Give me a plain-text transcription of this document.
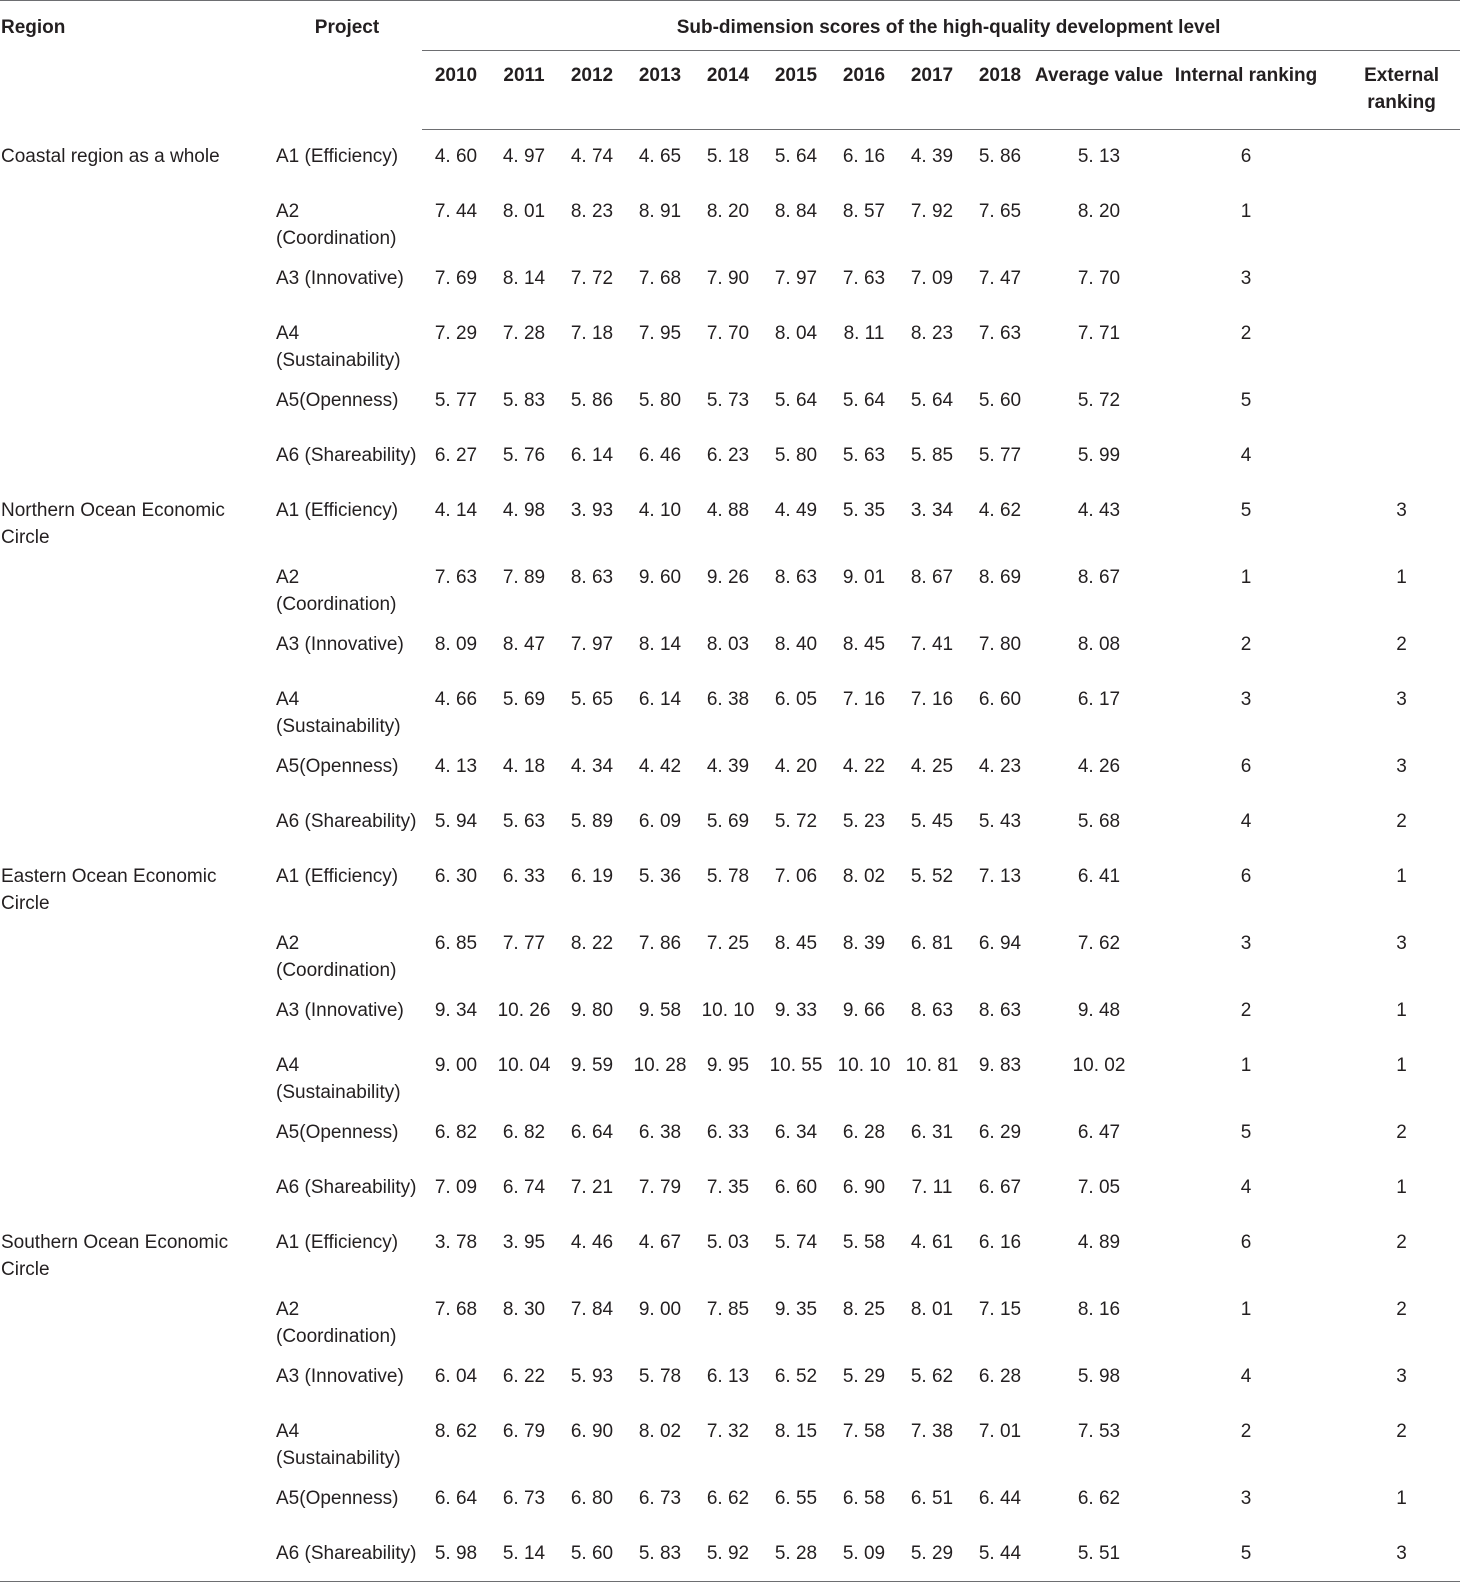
Region	Project	Sub-dimension scores of the high-quality development level											
		2010	2011	2012	2013	2014	2015	2016	2017	2018	Average value	Internal ranking	External ranking
Coastal region as a whole	A1 (Efficiency)	4. 60	4. 97	4. 74	4. 65	5. 18	5. 64	6. 16	4. 39	5. 86	5. 13	6	
	A2 (Coordination)	7. 44	8. 01	8. 23	8. 91	8. 20	8. 84	8. 57	7. 92	7. 65	8. 20	1	
	A3 (Innovative)	7. 69	8. 14	7. 72	7. 68	7. 90	7. 97	7. 63	7. 09	7. 47	7. 70	3	
	A4 (Sustainability)	7. 29	7. 28	7. 18	7. 95	7. 70	8. 04	8. 11	8. 23	7. 63	7. 71	2	
	A5(Openness)	5. 77	5. 83	5. 86	5. 80	5. 73	5. 64	5. 64	5. 64	5. 60	5. 72	5	
	A6 (Shareability)	6. 27	5. 76	6. 14	6. 46	6. 23	5. 80	5. 63	5. 85	5. 77	5. 99	4	
Northern Ocean Economic Circle	A1 (Efficiency)	4. 14	4. 98	3. 93	4. 10	4. 88	4. 49	5. 35	3. 34	4. 62	4. 43	5	3
	A2 (Coordination)	7. 63	7. 89	8. 63	9. 60	9. 26	8. 63	9. 01	8. 67	8. 69	8. 67	1	1
	A3 (Innovative)	8. 09	8. 47	7. 97	8. 14	8. 03	8. 40	8. 45	7. 41	7. 80	8. 08	2	2
	A4 (Sustainability)	4. 66	5. 69	5. 65	6. 14	6. 38	6. 05	7. 16	7. 16	6. 60	6. 17	3	3
	A5(Openness)	4. 13	4. 18	4. 34	4. 42	4. 39	4. 20	4. 22	4. 25	4. 23	4. 26	6	3
	A6 (Shareability)	5. 94	5. 63	5. 89	6. 09	5. 69	5. 72	5. 23	5. 45	5. 43	5. 68	4	2
Eastern Ocean Economic Circle	A1 (Efficiency)	6. 30	6. 33	6. 19	5. 36	5. 78	7. 06	8. 02	5. 52	7. 13	6. 41	6	1
	A2 (Coordination)	6. 85	7. 77	8. 22	7. 86	7. 25	8. 45	8. 39	6. 81	6. 94	7. 62	3	3
	A3 (Innovative)	9. 34	10. 26	9. 80	9. 58	10. 10	9. 33	9. 66	8. 63	8. 63	9. 48	2	1
	A4 (Sustainability)	9. 00	10. 04	9. 59	10. 28	9. 95	10. 55	10. 10	10. 81	9. 83	10. 02	1	1
	A5(Openness)	6. 82	6. 82	6. 64	6. 38	6. 33	6. 34	6. 28	6. 31	6. 29	6. 47	5	2
	A6 (Shareability)	7. 09	6. 74	7. 21	7. 79	7. 35	6. 60	6. 90	7. 11	6. 67	7. 05	4	1
Southern Ocean Economic Circle	A1 (Efficiency)	3. 78	3. 95	4. 46	4. 67	5. 03	5. 74	5. 58	4. 61	6. 16	4. 89	6	2
	A2 (Coordination)	7. 68	8. 30	7. 84	9. 00	7. 85	9. 35	8. 25	8. 01	7. 15	8. 16	1	2
	A3 (Innovative)	6. 04	6. 22	5. 93	5. 78	6. 13	6. 52	5. 29	5. 62	6. 28	5. 98	4	3
	A4 (Sustainability)	8. 62	6. 79	6. 90	8. 02	7. 32	8. 15	7. 58	7. 38	7. 01	7. 53	2	2
	A5(Openness)	6. 64	6. 73	6. 80	6. 73	6. 62	6. 55	6. 58	6. 51	6. 44	6. 62	3	1
	A6 (Shareability)	5. 98	5. 14	5. 60	5. 83	5. 92	5. 28	5. 09	5. 29	5. 44	5. 51	5	3
